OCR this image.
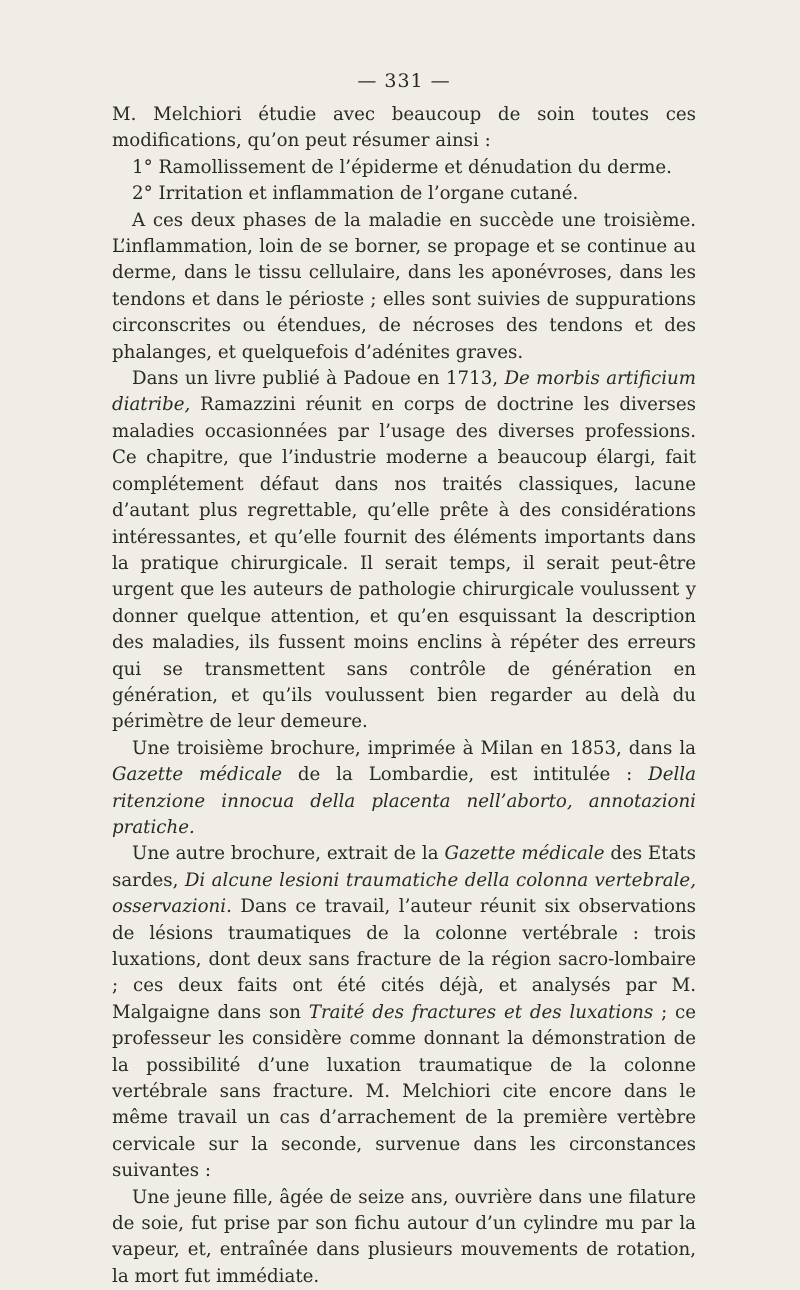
— 331 —

M. Melchiori étudie avec beaucoup de soin toutes ces modifications, qu’on peut résumer ainsi :

1° Ramollissement de l’épiderme et dénudation du derme.

2° Irritation et inflammation de l’organe cutané.

A ces deux phases de la maladie en succède une troisième. L’inflammation, loin de se borner, se propage et se continue au derme, dans le tissu cellulaire, dans les aponévroses, dans les tendons et dans le périoste ; elles sont suivies de suppurations circonscrites ou étendues, de nécroses des tendons et des phalanges, et quelquefois d’adénites graves.

Dans un livre publié à Padoue en 1713, De morbis artificium diatribe, Ramazzini réunit en corps de doctrine les diverses maladies occasionnées par l’usage des diverses professions. Ce chapitre, que l’industrie moderne a beaucoup élargi, fait complétement défaut dans nos traités classiques, lacune d’autant plus regrettable, qu’elle prête à des considérations intéressantes, et qu’elle fournit des éléments importants dans la pratique chirurgicale. Il serait temps, il serait peut-être urgent que les auteurs de pathologie chirurgicale voulussent y donner quelque attention, et qu’en esquissant la description des maladies, ils fussent moins enclins à répéter des erreurs qui se transmettent sans contrôle de génération en génération, et qu’ils voulussent bien regarder au delà du périmètre de leur demeure.

Une troisième brochure, imprimée à Milan en 1853, dans la Gazette médicale de la Lombardie, est intitulée : Della ritenzione innocua della placenta nell’aborto, annotazioni pratiche.

Une autre brochure, extrait de la Gazette médicale des Etats sardes, Di alcune lesioni traumatiche della colonna vertebrale, osservazioni. Dans ce travail, l’auteur réunit six observations de lésions traumatiques de la colonne vertébrale : trois luxations, dont deux sans fracture de la région sacro-lombaire ; ces deux faits ont été cités déjà, et analysés par M. Malgaigne dans son Traité des fractures et des luxations ; ce professeur les considère comme donnant la démonstration de la possibilité d’une luxation traumatique de la colonne vertébrale sans fracture. M. Melchiori cite encore dans le même travail un cas d’arrachement de la première vertèbre cervicale sur la seconde, survenue dans les circonstances suivantes :

Une jeune fille, âgée de seize ans, ouvrière dans une filature de soie, fut prise par son fichu autour d’un cylindre mu par la vapeur, et, entraînée dans plusieurs mouvements de rotation, la mort fut immédiate.
